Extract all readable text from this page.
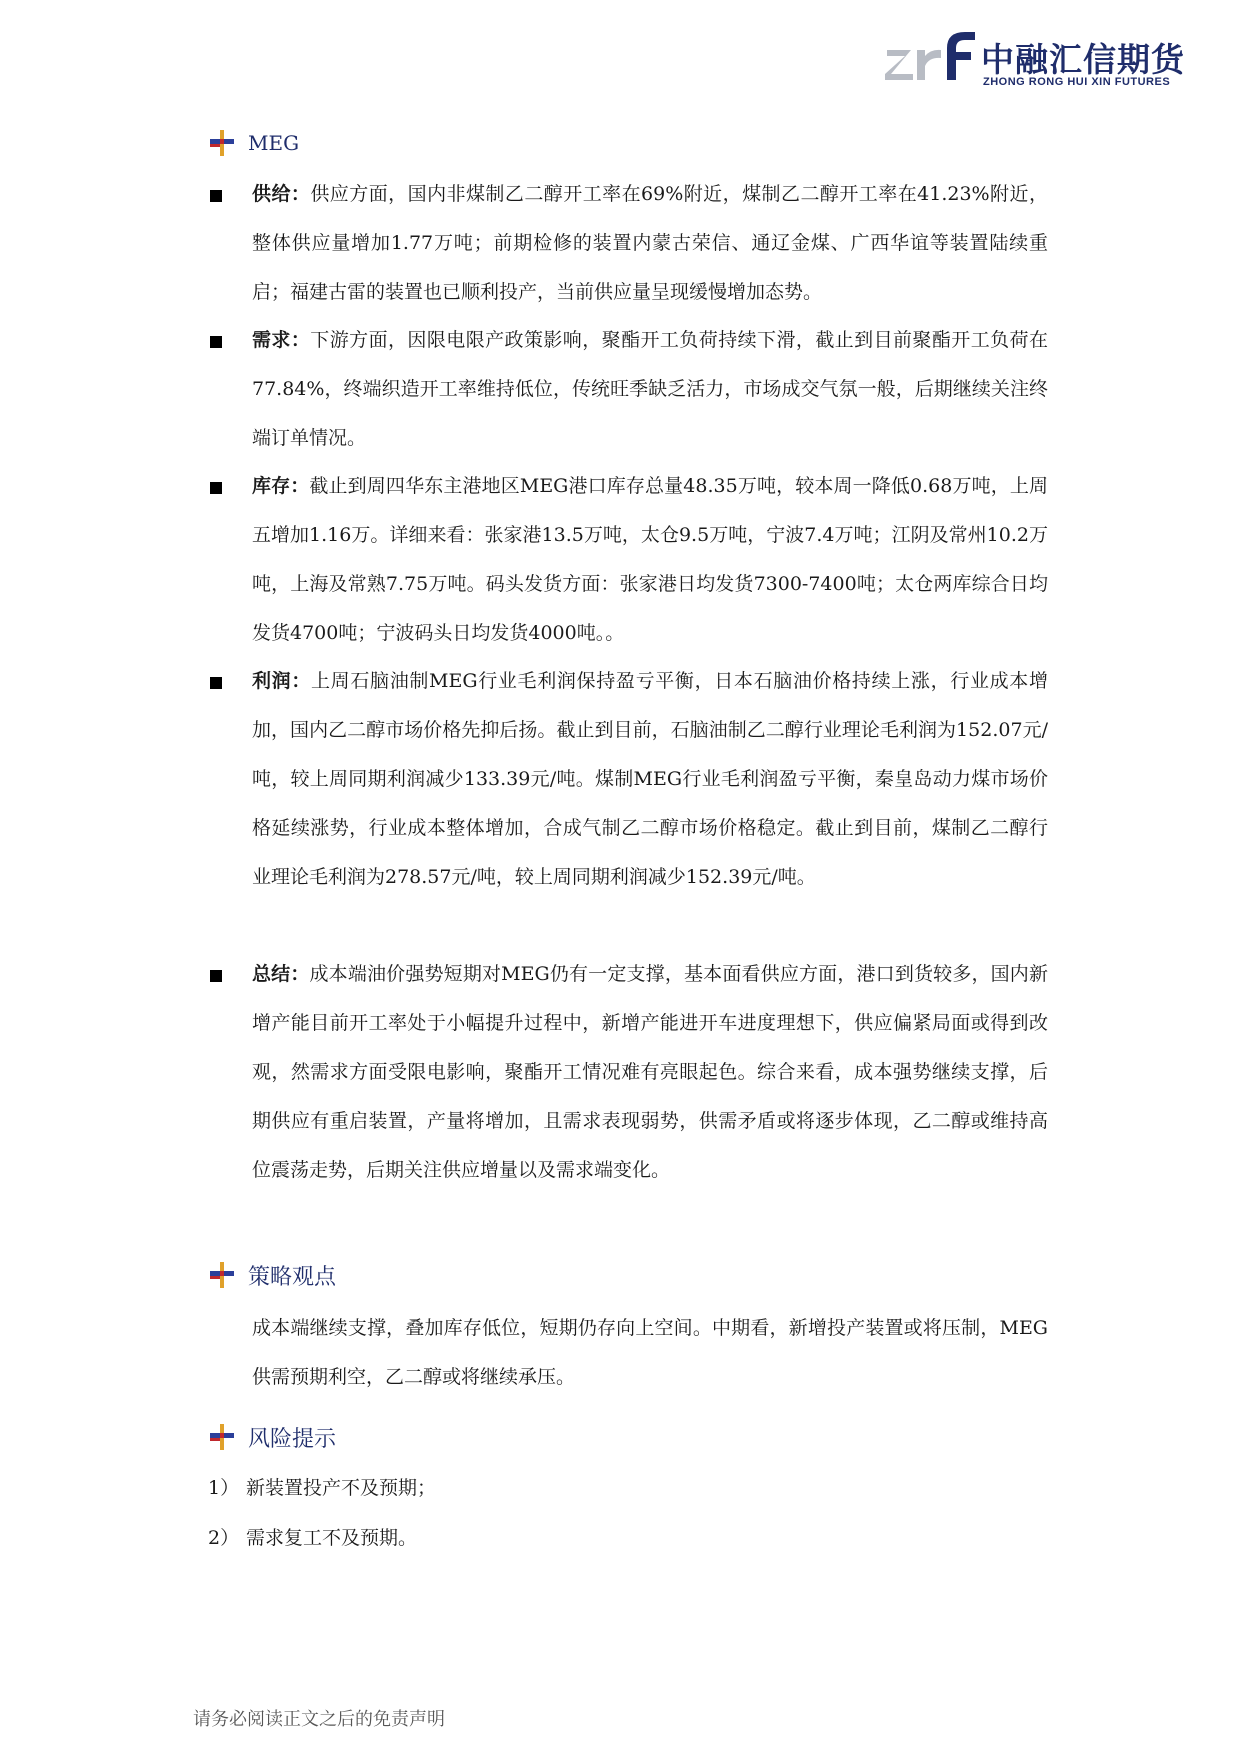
中融汇信期货
ZHONG RONG HUI XIN FUTURES
MEG
供给：供应方面，国内非煤制乙二醇开工率在69%附近，煤制乙二醇开工率在41.23%附近，整体供应量增加1.77万吨；前期检修的装置内蒙古荣信、通辽金煤、广西华谊等装置陆续重启；福建古雷的装置也已顺利投产，当前供应量呈现缓慢增加态势。
需求：下游方面，因限电限产政策影响，聚酯开工负荷持续下滑，截止到目前聚酯开工负荷在77.84%，终端织造开工率维持低位，传统旺季缺乏活力，市场成交气氛一般，后期继续关注终端订单情况。
库存：截止到周四华东主港地区MEG港口库存总量48.35万吨，较本周一降低0.68万吨，上周五增加1.16万。详细来看：张家港13.5万吨，太仓9.5万吨，宁波7.4万吨；江阴及常州10.2万吨，上海及常熟7.75万吨。码头发货方面：张家港日均发货7300-7400吨；太仓两库综合日均发货4700吨；宁波码头日均发货4000吨。。
利润：上周石脑油制MEG行业毛利润保持盈亏平衡，日本石脑油价格持续上涨，行业成本增加，国内乙二醇市场价格先抑后扬。截止到目前，石脑油制乙二醇行业理论毛利润为152.07元/吨，较上周同期利润减少133.39元/吨。煤制MEG行业毛利润盈亏平衡，秦皇岛动力煤市场价格延续涨势，行业成本整体增加，合成气制乙二醇市场价格稳定。截止到目前，煤制乙二醇行业理论毛利润为278.57元/吨，较上周同期利润减少152.39元/吨。
总结：成本端油价强势短期对MEG仍有一定支撑，基本面看供应方面，港口到货较多，国内新增产能目前开工率处于小幅提升过程中，新增产能进开车进度理想下，供应偏紧局面或得到改观，然需求方面受限电影响，聚酯开工情况难有亮眼起色。综合来看，成本强势继续支撑，后期供应有重启装置，产量将增加，且需求表现弱势，供需矛盾或将逐步体现，乙二醇或维持高位震荡走势，后期关注供应增量以及需求端变化。
策略观点
成本端继续支撑，叠加库存低位，短期仍存向上空间。中期看，新增投产装置或将压制，MEG供需预期利空，乙二醇或将继续承压。
风险提示
1） 新装置投产不及预期；
2） 需求复工不及预期。
请务必阅读正文之后的免责声明
